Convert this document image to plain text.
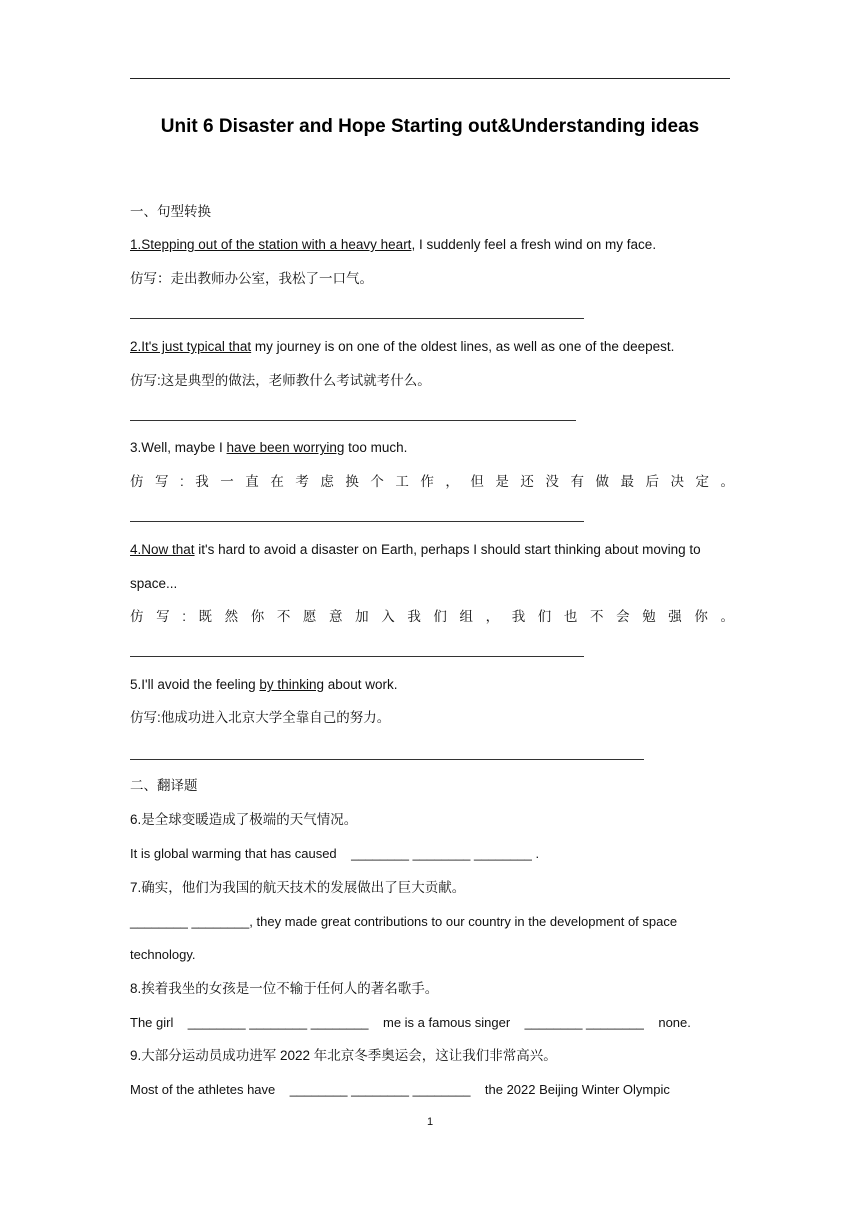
Unit 6 Disaster and Hope Starting out&Understanding ideas
一、句型转换
1.Stepping out of the station with a heavy heart, I suddenly feel a fresh wind on my face.
仿写：走出教师办公室，我松了一口气。
2.It's just typical that my journey is on one of the oldest lines, as well as one of the deepest.
仿写:这是典型的做法，老师教什么考试就考什么。
3.Well, maybe I have been worrying too much.
仿写:我一直在考虑换个工作，但是还没有做最后决定。
4.Now that it's hard to avoid a disaster on Earth, perhaps I should start thinking about moving to
space...
仿写:既然你不愿意加入我们组，我们也不会勉强你。
5.I'll avoid the feeling by thinking about work.
仿写:他成功进入北京大学全靠自己的努力。
二、翻译题
6.是全球变暖造成了极端的天气情况。
It is global warming that has caused    ________ ________ ________ .
7.确实，他们为我国的航天技术的发展做出了巨大贡献。
________ ________, they made great contributions to our country in the development of space
technology.
8.挨着我坐的女孩是一位不输于任何人的著名歌手。
The girl    ________ ________ ________    me is a famous singer    ________ ________    none.
9.大部分运动员成功进军 2022 年北京冬季奥运会，这让我们非常高兴。
Most of the athletes have    ________ ________ ________    the 2022 Beijing Winter Olympic
1
